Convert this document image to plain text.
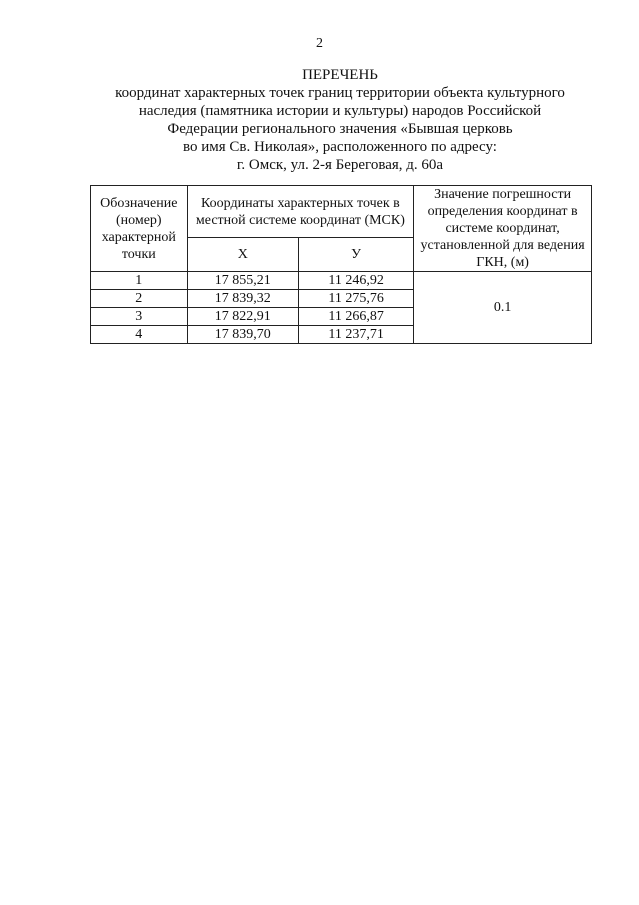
2
ПЕРЕЧЕНЬ
координат характерных точек границ территории объекта культурного
наследия (памятника истории и культуры) народов Российской
Федерации регионального значения «Бывшая церковь
во имя Св. Николая», расположенного по адресу:
г. Омск, ул. 2-я Береговая, д. 60а
Обозначение (номер) характерной точки	Координаты характерных точек в местной системе координат (МСК)		Значение погрешности определения координат в системе координат, установленной для ведения ГКН, (м)
	X	У	
1	17 855,21	11 246,92	0.1
2	17 839,32	11 275,76	
3	17 822,91	11 266,87	
4	17 839,70	11 237,71	
